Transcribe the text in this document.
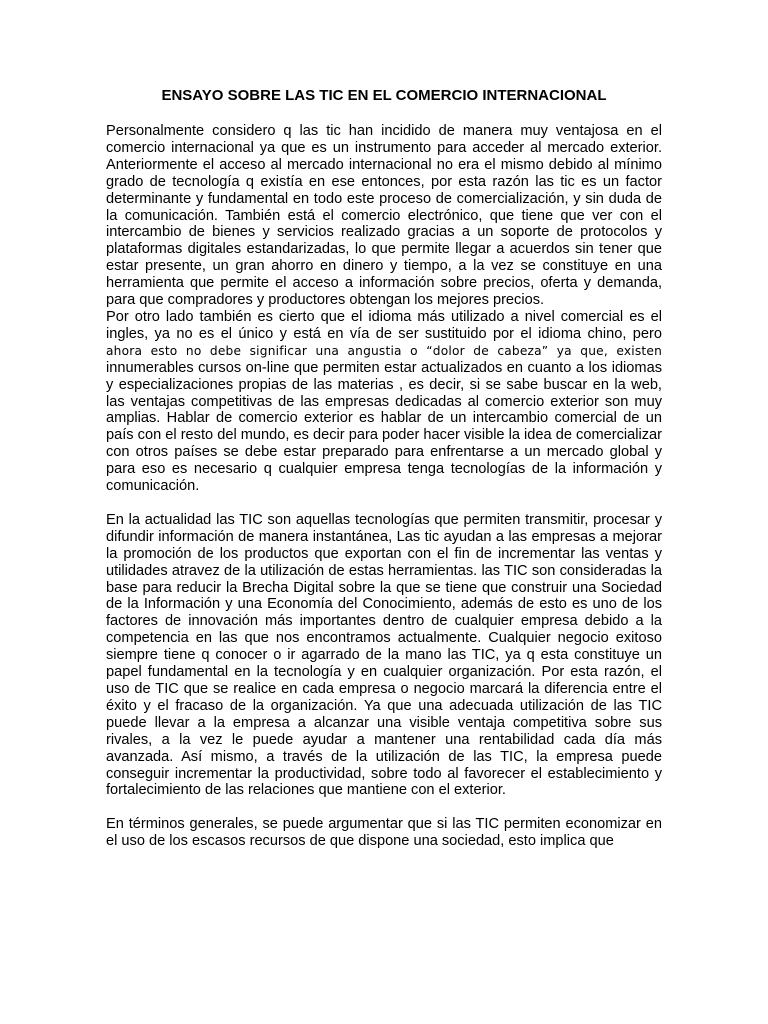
ENSAYO SOBRE LAS TIC EN EL COMERCIO INTERNACIONAL

Personalmente considero q las tic han incidido de manera muy ventajosa en el comercio internacional ya que es un instrumento para acceder al mercado exterior. Anteriormente el acceso al mercado internacional no era el mismo debido al mínimo grado de tecnología q existía en ese entonces, por esta razón las tic es un factor determinante y fundamental en todo este proceso de comercialización, y sin duda de la comunicación. También está el comercio electrónico, que tiene que ver con el intercambio de bienes y servicios realizado gracias a un soporte de protocolos y plataformas digitales estandarizadas, lo que permite llegar a acuerdos sin tener que estar presente, un gran ahorro en dinero y tiempo, a la vez se constituye en una herramienta que permite el acceso a información sobre precios, oferta y demanda, para que compradores y productores obtengan los mejores precios.

Por otro lado también es cierto que el idioma más utilizado a nivel comercial es el ingles, ya no es el único y está en vía de ser sustituido por el idioma chino, pero ahora esto no debe significar una angustia o “dolor de cabeza” ya que, existen innumerables cursos on-line que permiten estar actualizados en cuanto a los idiomas y especializaciones propias de las materias , es decir, si se sabe buscar en la web, las ventajas competitivas de las empresas dedicadas al comercio exterior son muy amplias. Hablar de comercio exterior es hablar de un intercambio comercial de un país con el resto del mundo, es decir para poder hacer visible la idea de comercializar con otros países se debe estar preparado para enfrentarse a un mercado global y para eso es necesario q cualquier empresa tenga tecnologías de la información y comunicación.

En la actualidad las TIC son aquellas tecnologías que permiten transmitir, procesar y difundir información de manera instantánea, Las tic ayudan a las empresas a mejorar la promoción de los productos que exportan con el fin de incrementar las ventas y utilidades atravez de la utilización de estas herramientas. las TIC son consideradas la base para reducir la Brecha Digital sobre la que se tiene que construir una Sociedad de la Información y una Economía del Conocimiento, además de esto es uno de los factores de innovación más importantes dentro de cualquier empresa debido a la competencia en las que nos encontramos actualmente. Cualquier negocio exitoso siempre tiene q conocer o ir agarrado de la mano las TIC, ya q esta constituye un papel fundamental en la tecnología y en cualquier organización. Por esta razón, el uso de TIC que se realice en cada empresa o negocio marcará la diferencia entre el éxito y el fracaso de la organización. Ya que una adecuada utilización de las TIC puede llevar a la empresa a alcanzar una visible ventaja competitiva sobre sus rivales, a la vez le puede ayudar a mantener una rentabilidad cada día más avanzada. Así mismo, a través de la utilización de las TIC, la empresa puede conseguir incrementar la productividad, sobre todo al favorecer el establecimiento y fortalecimiento de las relaciones que mantiene con el exterior.

En términos generales, se puede argumentar que si las TIC permiten economizar en el uso de los escasos recursos de que dispone una sociedad, esto implica que
